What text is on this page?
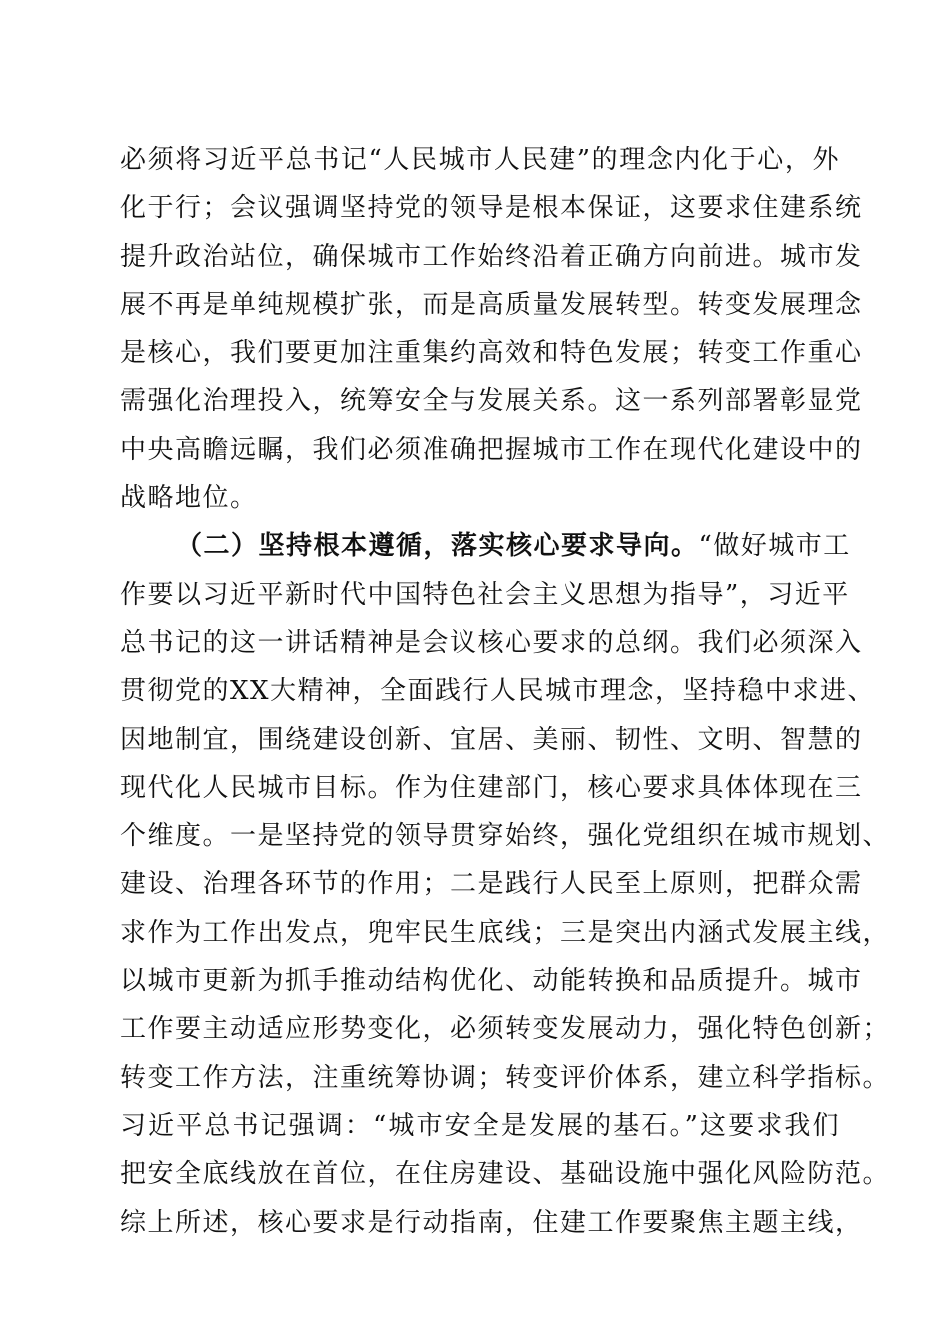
必须将习近平总书记“人民城市人民建”的理念内化于心，外
化于行；会议强调坚持党的领导是根本保证，这要求住建系统
提升政治站位，确保城市工作始终沿着正确方向前进。城市发
展不再是单纯规模扩张，而是高质量发展转型。转变发展理念
是核心，我们要更加注重集约高效和特色发展；转变工作重心
需强化治理投入，统筹安全与发展关系。这一系列部署彰显党
中央高瞻远瞩，我们必须准确把握城市工作在现代化建设中的
战略地位。
（二）坚持根本遵循，落实核心要求导向。“做好城市工
作要以习近平新时代中国特色社会主义思想为指导”，习近平
总书记的这一讲话精神是会议核心要求的总纲。我们必须深入
贯彻党的XX大精神，全面践行人民城市理念，坚持稳中求进、
因地制宜，围绕建设创新、宜居、美丽、韧性、文明、智慧的
现代化人民城市目标。作为住建部门，核心要求具体体现在三
个维度。一是坚持党的领导贯穿始终，强化党组织在城市规划、
建设、治理各环节的作用；二是践行人民至上原则，把群众需
求作为工作出发点，兜牢民生底线；三是突出内涵式发展主线，
以城市更新为抓手推动结构优化、动能转换和品质提升。城市
工作要主动适应形势变化，必须转变发展动力，强化特色创新；
转变工作方法，注重统筹协调；转变评价体系，建立科学指标。
习近平总书记强调：“城市安全是发展的基石。”这要求我们
把安全底线放在首位，在住房建设、基础设施中强化风险防范。
综上所述，核心要求是行动指南，住建工作要聚焦主题主线，
